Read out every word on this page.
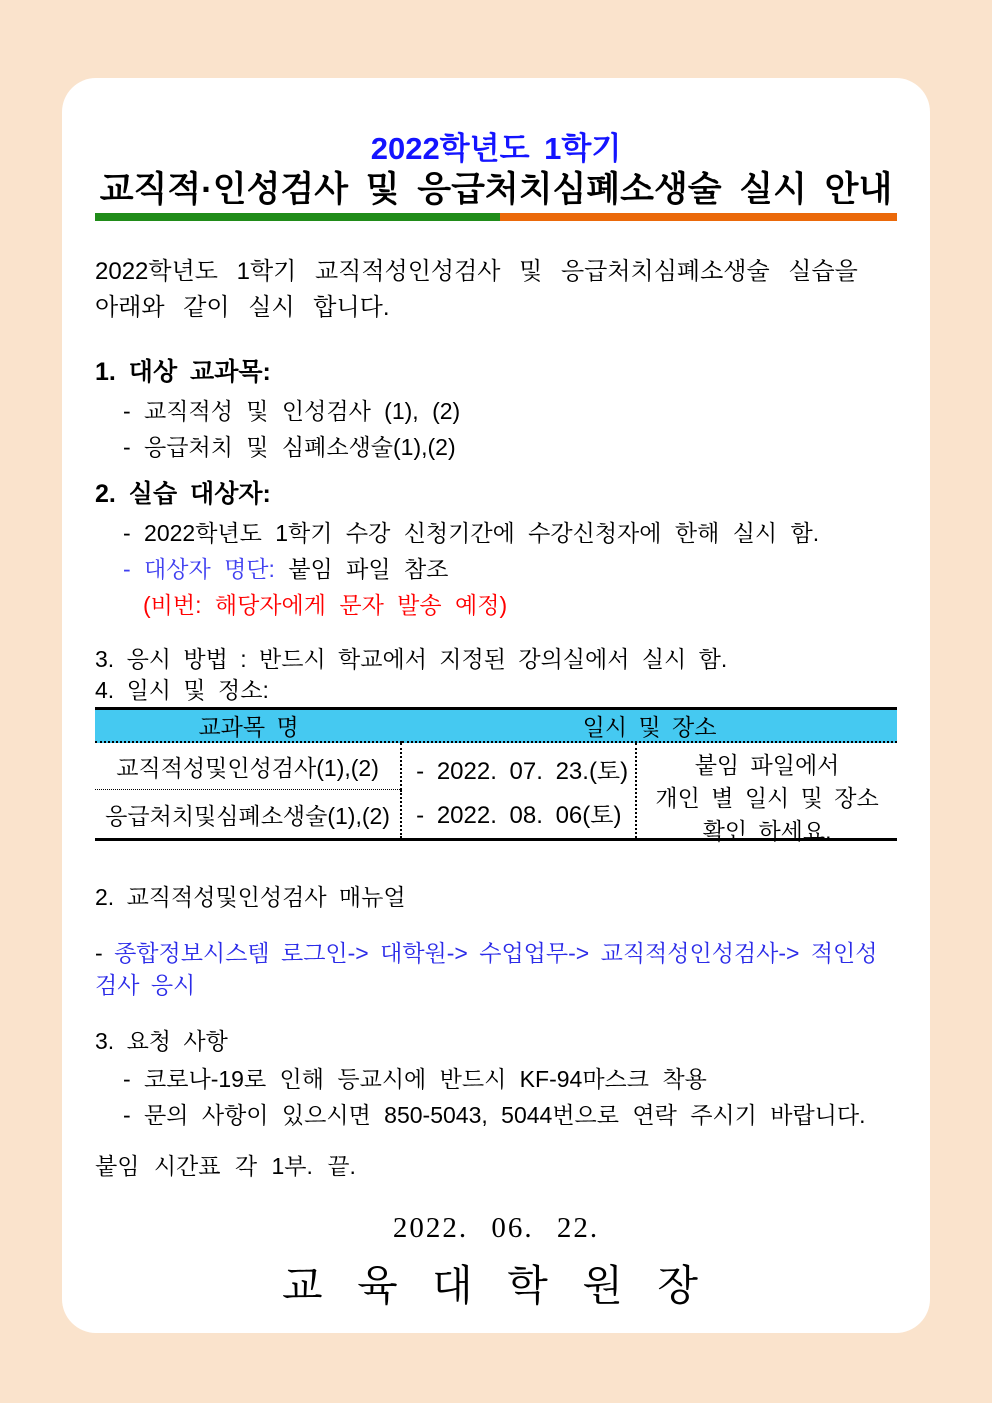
2022학년도 1학기
교직적·인성검사 및 응급처치심폐소생술 실시 안내
2022학년도 1학기 교직적성인성검사 및 응급처치심폐소생술 실습을
아래와 같이 실시 합니다.
1. 대상 교과목:
- 교직적성 및 인성검사 (1), (2)
- 응급처치 및 심폐소생술(1),(2)
2. 실습 대상자:
- 2022학년도 1학기 수강 신청기간에 수강신청자에 한해 실시 함.
- 대상자 명단: 붙임 파일 참조
(비번: 해당자에게 문자 발송 예정)
3. 응시 방법 : 반드시 학교에서 지정된 강의실에서 실시 함.
4. 일시 및 정소:
교과목 명	일시 및 장소
교직적성및인성검사(1),(2)
응급처치및심폐소생술(1),(2)
- 2022. 07. 23.(토)
- 2022. 08. 06(토)
붙임 파일에서
개인 별 일시 및 장소
확인 하세요.
2. 교직적성및인성검사 매뉴얼
- 종합정보시스템 로그인-> 대학원-> 수업업무-> 교직적성인성검사-> 적인성검사 응시
3. 요청 사항
- 코로나-19로 인해 등교시에 반드시 KF-94마스크 착용
- 문의 사항이 있으시면 850-5043, 5044번으로 연락 주시기 바랍니다.
붙임 시간표 각 1부. 끝.
2022. 06. 22.
교 육 대 학 원 장
